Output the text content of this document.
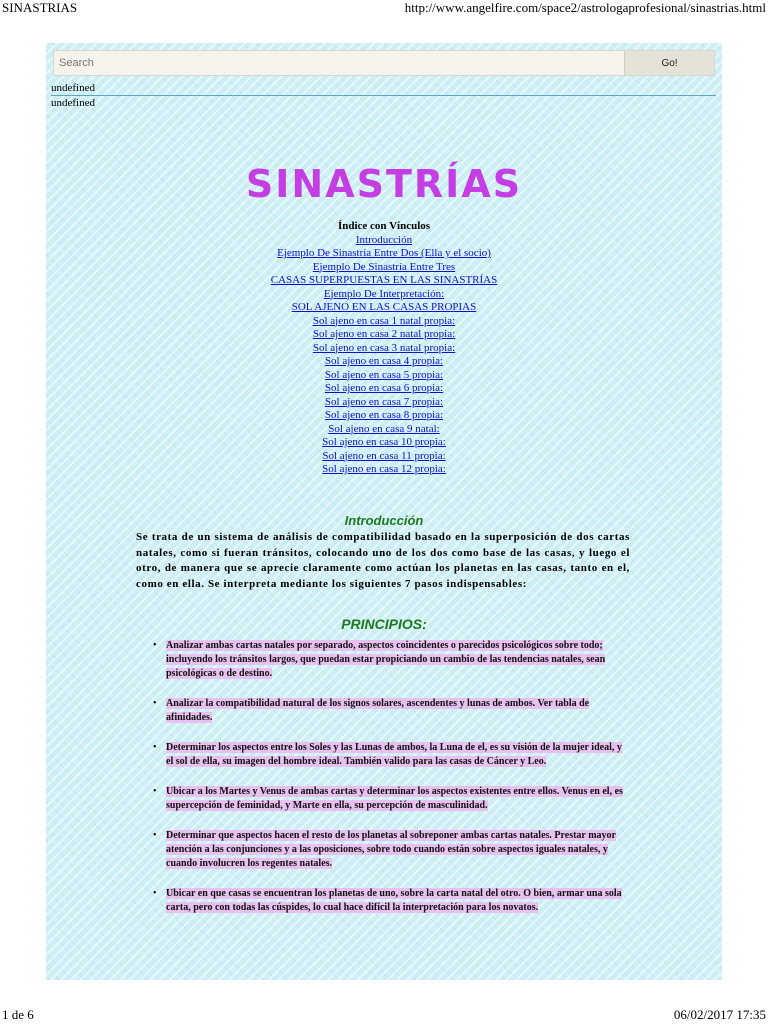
SINASTRIAS	http://www.angelfire.com/space2/astrologaprofesional/sinastrias.html
Search
Go!
undefined
undefined
SINASTRÍAS
Índice con Vínculos
Introducción
Ejemplo De Sinastría Entre Dos (Ella y el socio)
Ejemplo De Sinastría Entre Tres
CASAS SUPERPUESTAS EN LAS SINASTRÍAS
Ejemplo De Interpretación:
SOL AJENO EN LAS CASAS PROPIAS
Sol ajeno en casa 1 natal propia:
Sol ajeno en casa 2 natal propia:
Sol ajeno en casa 3 natal propia:
Sol ajeno en casa 4 propia:
Sol ajeno en casa 5 propia:
Sol ajeno en casa 6 propia:
Sol ajeno en casa 7 propia:
Sol ajeno en casa 8 propia:
Sol ajeno en casa 9 natal:
Sol ajeno en casa 10 propia:
Sol ajeno en casa 11 propia:
Sol ajeno en casa 12 propia:
Introducción
Se trata de un sistema de análisis de compatibilidad basado en la superposición de dos cartas natales, como si fueran tránsitos, colocando uno de los dos como base de las casas, y luego el otro, de manera que se aprecie claramente como actúan los planetas en las casas, tanto en el, como en ella. Se interpreta mediante los siguientes 7 pasos indispensables:
PRINCIPIOS:
• Analizar ambas cartas natales por separado, aspectos coincidentes o parecidos psicológicos sobre todo; incluyendo los tránsitos largos, que puedan estar propiciando un cambio de las tendencias natales, sean psicológicas o de destino.
• Analizar la compatibilidad natural de los signos solares, ascendentes y lunas de ambos. Ver tabla de afinidades.
• Determinar los aspectos entre los Soles y las Lunas de ambos, la Luna de el, es su visión de la mujer ideal, y el sol de ella, su imagen del hombre ideal. También valido para las casas de Cáncer y Leo.
• Ubicar a los Martes y Venus de ambas cartas y determinar los aspectos existentes entre ellos. Venus en el, es supercepción de feminidad, y Marte en ella, su percepción de masculinidad.
• Determinar que aspectos hacen el resto de los planetas al sobreponer ambas cartas natales. Prestar mayor atención a las conjunciones y a las oposiciones, sobre todo cuando están sobre aspectos iguales natales, y cuando involucren los regentes natales.
• Ubicar en que casas se encuentran los planetas de uno, sobre la carta natal del otro. O bien, armar una sola carta, pero con todas las cúspides, lo cual hace difícil la interpretación para los novatos.
1 de 6	06/02/2017 17:35
